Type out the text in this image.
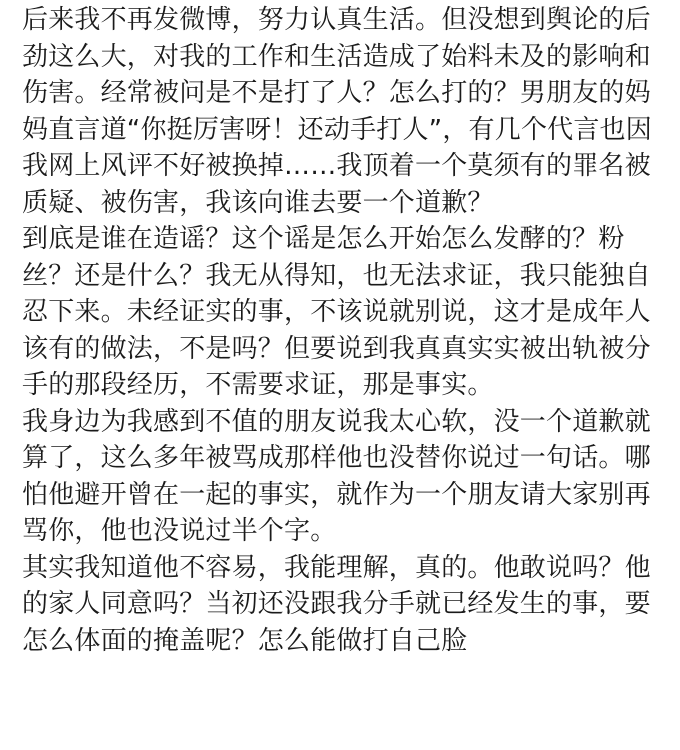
后来我不再发微博，努力认真生活。但没想到舆论的后劲这么大，对我的工作和生活造成了始料未及的影响和伤害。经常被问是不是打了人？怎么打的？男朋友的妈妈直言道“你挺厉害呀！还动手打人”，有几个代言也因我网上风评不好被换掉……我顶着一个莫须有的罪名被质疑、被伤害，我该向谁去要一个道歉？

到底是谁在造谣？这个谣是怎么开始怎么发酵的？粉丝？还是什么？我无从得知，也无法求证，我只能独自忍下来。未经证实的事，不该说就别说，这才是成年人该有的做法，不是吗？但要说到我真真实实被出轨被分手的那段经历，不需要求证，那是事实。

我身边为我感到不值的朋友说我太心软，没一个道歉就算了，这么多年被骂成那样他也没替你说过一句话。哪怕他避开曾在一起的事实，就作为一个朋友请大家别再骂你，他也没说过半个字。

其实我知道他不容易，我能理解，真的。他敢说吗？他的家人同意吗？当初还没跟我分手就已经发生的事，要怎么体面的掩盖呢？怎么能做打自己脸
